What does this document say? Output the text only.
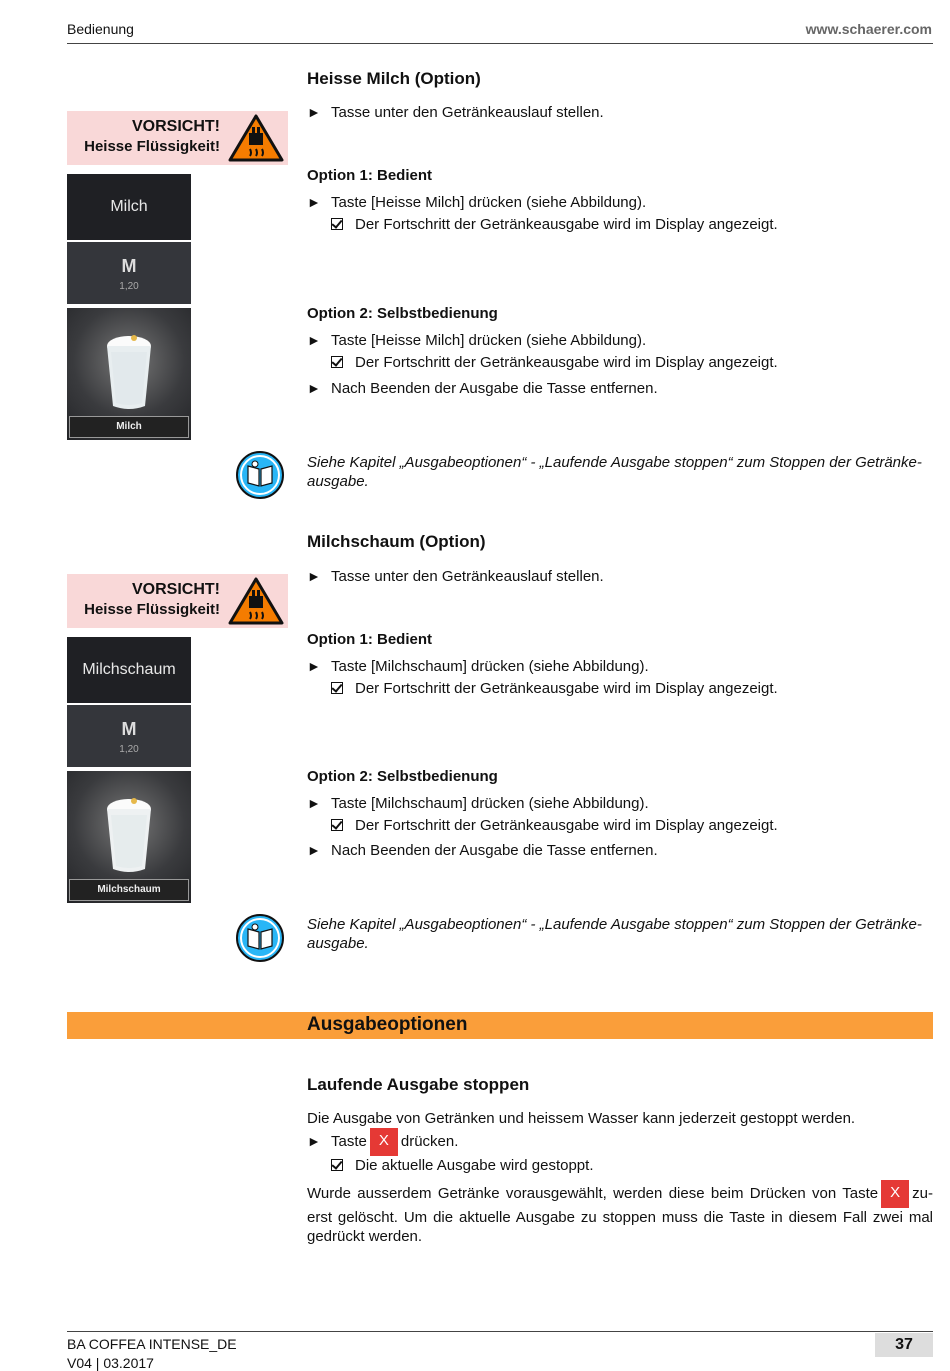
Bedienung	www.schaerer.com
Heisse Milch (Option)
VORSICHT!
Heisse Flüssigkeit!
► Tasse unter den Getränkeauslauf stellen.
Milch
M
1,20
Milch
Option 1: Bedient
► Taste [Heisse Milch] drücken (siehe Abbildung).
Der Fortschritt der Getränkeausgabe wird im Display angezeigt.
Option 2: Selbstbedienung
► Taste [Heisse Milch] drücken (siehe Abbildung).
Der Fortschritt der Getränkeausgabe wird im Display angezeigt.
► Nach Beenden der Ausgabe die Tasse entfernen.
Siehe Kapitel „Ausgabeoptionen“ - „Laufende Ausgabe stoppen“ zum Stoppen der Getränke-ausgabe.
Milchschaum (Option)
VORSICHT!
Heisse Flüssigkeit!
► Tasse unter den Getränkeauslauf stellen.
Milchschaum
M
1,20
Milchschaum
Option 1: Bedient
► Taste [Milchschaum] drücken (siehe Abbildung).
Der Fortschritt der Getränkeausgabe wird im Display angezeigt.
Option 2: Selbstbedienung
► Taste [Milchschaum] drücken (siehe Abbildung).
Der Fortschritt der Getränkeausgabe wird im Display angezeigt.
► Nach Beenden der Ausgabe die Tasse entfernen.
Siehe Kapitel „Ausgabeoptionen“ - „Laufende Ausgabe stoppen“ zum Stoppen der Getränke-ausgabe.
Ausgabeoptionen
Laufende Ausgabe stoppen
Die Ausgabe von Getränken und heissem Wasser kann jederzeit gestoppt werden.
► Taste X drücken.
Die aktuelle Ausgabe wird gestoppt.
Wurde ausserdem Getränke vorausgewählt, werden diese beim Drücken von Taste X zu-erst gelöscht. Um die aktuelle Ausgabe zu stoppen muss die Taste in diesem Fall zwei mal gedrückt werden.
BA COFFEA INTENSE_DE
V04 | 03.2017
37
